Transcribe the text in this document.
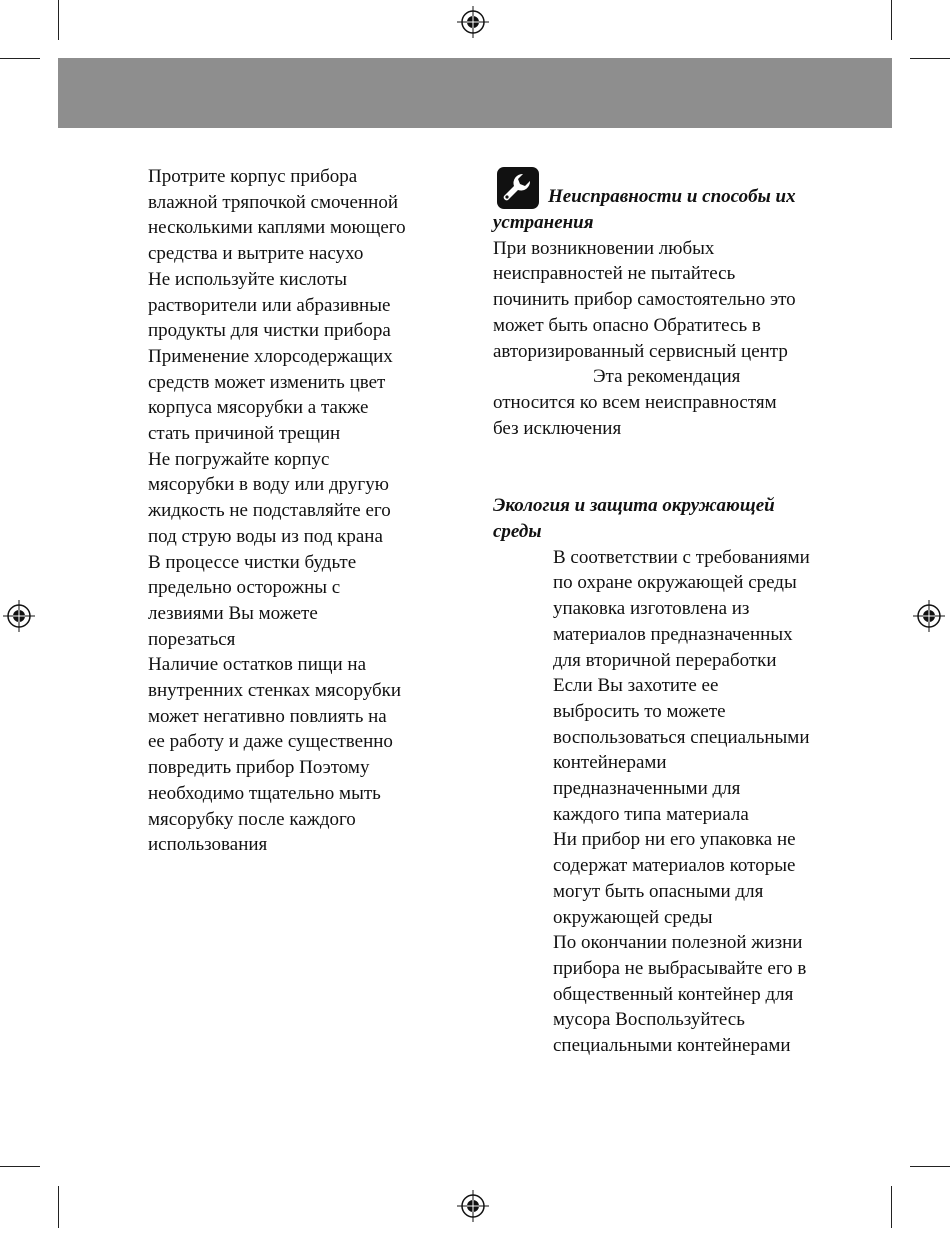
Протрите корпус прибора
влажной тряпочкой смоченной
несколькими каплями моющего
средства и вытрите насухо
Не используйте кислоты
растворители или абразивные
продукты для чистки прибора
Применение хлорсодержащих
средств может изменить цвет
корпуса мясорубки а также
стать причиной трещин
Не погружайте корпус
мясорубки в воду или другую
жидкость не подставляйте его
под струю воды из под крана
В процессе чистки будьте
предельно осторожны с
лезвиями Вы можете
порезаться
Наличие остатков пищи на
внутренних стенках мясорубки
может негативно повлиять на
ее работу и даже существенно
повредить прибор Поэтому
необходимо тщательно мыть
мясорубку после каждого
использования
Неисправности и способы их
устранения
При возникновении любых
неисправностей не пытайтесь
починить прибор самостоятельно это
может быть опасно Обратитесь в
авторизированный сервисный центр
Эта рекомендация
относится ко всем неисправностям
без исключения
Экология и защита окружающей
среды
В соответствии с требованиями
по охране окружающей среды
упаковка изготовлена из
материалов предназначенных
для вторичной переработки
Если Вы захотите ее
выбросить то можете
воспользоваться специальными
контейнерами
предназначенными для
каждого типа материала
Ни прибор ни его упаковка не
содержат материалов которые
могут быть опасными для
окружающей среды
По окончании полезной жизни
прибора не выбрасывайте его в
общественный контейнер для
мусора Воспользуйтесь
специальными контейнерами
